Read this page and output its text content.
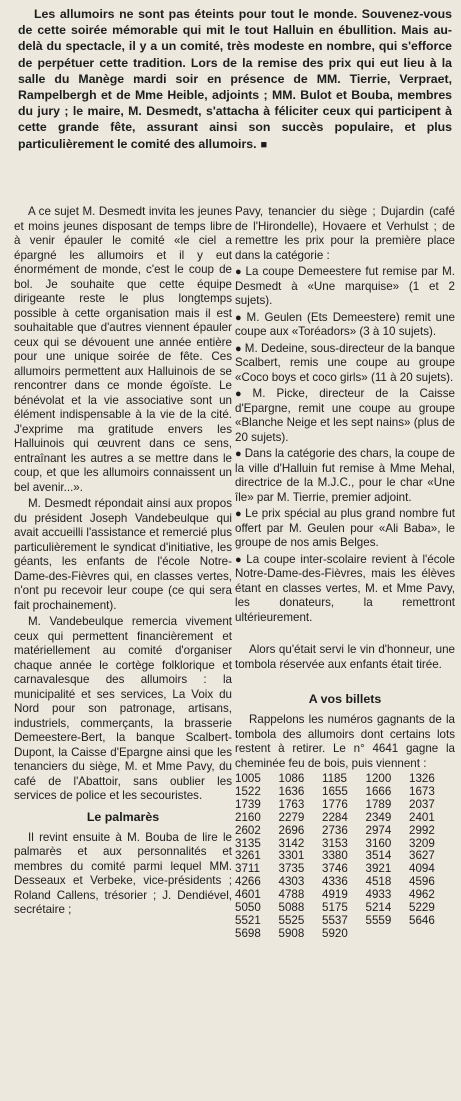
Les allumoirs ne sont pas éteints pour tout le monde. Souvenez-vous de cette soirée mémorable qui mit le tout Halluin en ébullition. Mais au-delà du spectacle, il y a un comité, très modeste en nombre, qui s'efforce de perpétuer cette tradition. Lors de la remise des prix qui eut lieu à la salle du Manège mardi soir en présence de MM. Tierrie, Verpraet, Rampelbergh et de Mme Heible, adjoints ; MM. Bulot et Bouba, membres du jury ; le maire, M. Desmedt, s'attacha à féliciter ceux qui participent à cette grande fête, assurant ainsi son succès populaire, et plus particulièrement le comité des allumoirs. ■

A ce sujet M. Desmedt invita les jeunes et moins jeunes disposant de temps libre à venir épauler le comité «le ciel a épargné les allumoirs et il y eut énormément de monde, c'est le coup de bol. Je souhaite que cette équipe dirigeante reste le plus longtemps possible à cette organisation mais il est souhaitable que d'autres viennent épauler ceux qui se dévouent une année entière pour une unique soirée de fête. Ces allumoirs permettent aux Halluinois de se rencontrer dans ce monde égoïste. Le bénévolat et la vie associative sont un élément indispensable à la vie de la cité. J'exprime ma gratitude envers les Halluinois qui œuvrent dans ce sens, entraînant les autres a se mettre dans le coup, et que les allumoirs connaissent un bel avenir...».

M. Desmedt répondait ainsi aux propos du président Joseph Vandebeulque qui avait accueilli l'assistance et remercié plus particulièrement le syndicat d'initiative, les géants, les enfants de l'école Notre-Dame-des-Fièvres qui, en classes vertes, n'ont pu recevoir leur coupe (ce qui sera fait prochainement).

M. Vandebeulque remercia vivement ceux qui permettent financièrement et matériellement au comité d'organiser chaque année le cortège folklorique et carnavalesque des allumoirs : la municipalité et ses services, La Voix du Nord pour son patronage, artisans, industriels, commerçants, la brasserie Demeestere-Bert, la banque Scalbert-Dupont, la Caisse d'Epargne ainsi que les tenanciers du siège, M. et Mme Pavy, du café de l'Abattoir, sans oublier les services de police et les secouristes.

Le palmarès

Il revint ensuite à M. Bouba de lire le palmarès et aux personnalités et membres du comité parmi lequel MM. Desseaux et Verbeke, vice-présidents ; Roland Callens, trésorier ; J. Dendiével, secrétaire ;

Pavy, tenancier du siège ; Dujardin (café de l'Hirondelle), Hovaere et Verhulst ; de remettre les prix pour la première place dans la catégorie :

● La coupe Demeestere fut remise par M. Desmedt à «Une marquise» (1 et 2 sujets).

● M. Geulen (Ets Demeestere) remit une coupe aux «Toréadors» (3 à 10 sujets).

● M. Dedeine, sous-directeur de la banque Scalbert, remis une coupe au groupe «Coco boys et coco girls» (11 à 20 sujets).

● M. Picke, directeur de la Caisse d'Epargne, remit une coupe au groupe «Blanche Neige et les sept nains» (plus de 20 sujets).

● Dans la catégorie des chars, la coupe de la ville d'Halluin fut remise à Mme Mehal, directrice de la M.J.C., pour le char «Une île» par M. Tierrie, premier adjoint.

● Le prix spécial au plus grand nombre fut offert par M. Geulen pour «Ali Baba», le groupe de nos amis Belges.

● La coupe inter-scolaire revient à l'école Notre-Dame-des-Fièvres, mais les élèves étant en classes vertes, M. et Mme Pavy, les donateurs, la remettront ultérieurement.

Alors qu'était servi le vin d'honneur, une tombola réservée aux enfants était tirée.

A vos billets

Rappelons les numéros gagnants de la tombola des allumoirs dont certains lots restent à retirer. Le n° 4641 gagne la cheminée feu de bois, puis viennent :

1005	1086	1185	1200	1326
1522	1636	1655	1666	1673
1739	1763	1776	1789	2037
2160	2279	2284	2349	2401
2602	2696	2736	2974	2992
3135	3142	3153	3160	3209
3261	3301	3380	3514	3627
3711	3735	3746	3921	4094
4266	4303	4336	4518	4596
4601	4788	4919	4933	4962
5050	5088	5175	5214	5229
5521	5525	5537	5559	5646
5698	5908	5920
